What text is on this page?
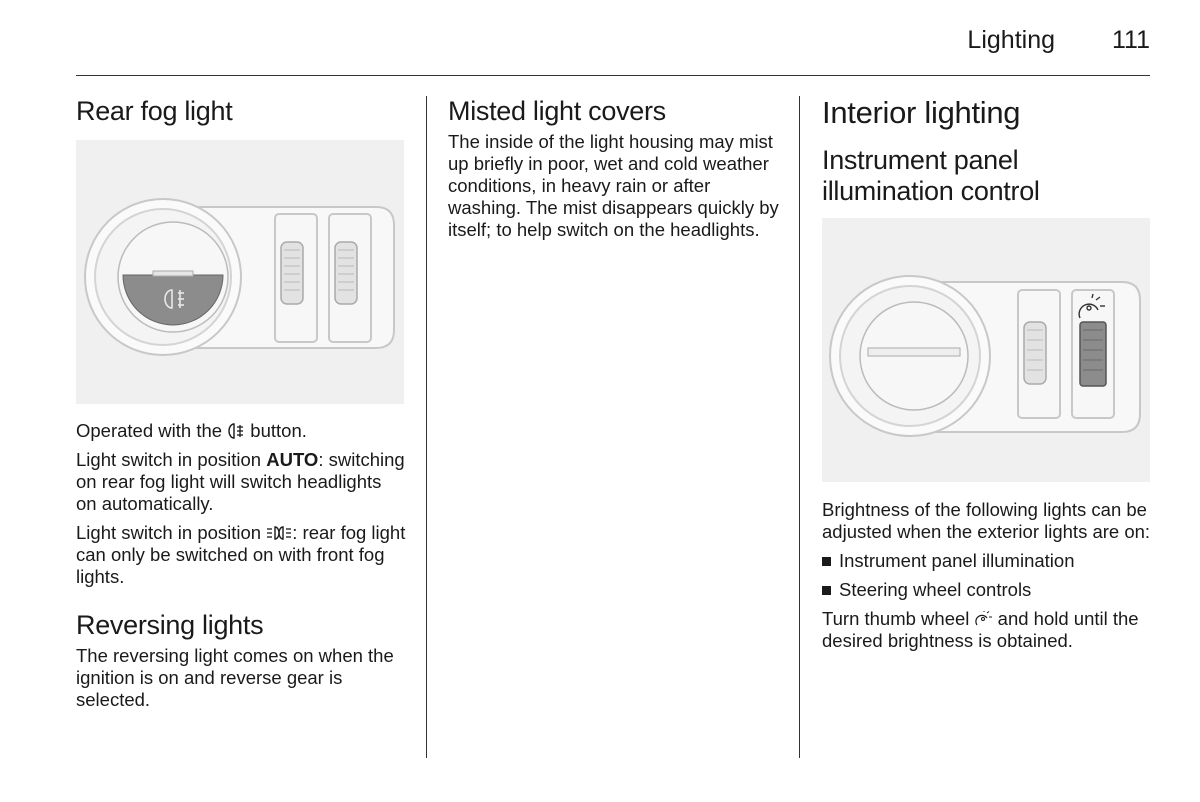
Lighting	111
Rear fog light

Operated with the  button.

Light switch in position AUTO: switching on rear fog light will switch headlights on automatically.

Light switch in position : rear fog light can only be switched on with front fog lights.

Reversing lights

The reversing light comes on when the ignition is on and reverse gear is selected.

Misted light covers

The inside of the light housing may mist up briefly in poor, wet and cold weather conditions, in heavy rain or after washing. The mist disappears quickly by itself; to help switch on the headlights.

Interior lighting
Instrument panel illumination control

Brightness of the following lights can be adjusted when the exterior lights are on:

Instrument panel illumination
Steering wheel controls

Turn thumb wheel  and hold until the desired brightness is obtained.
